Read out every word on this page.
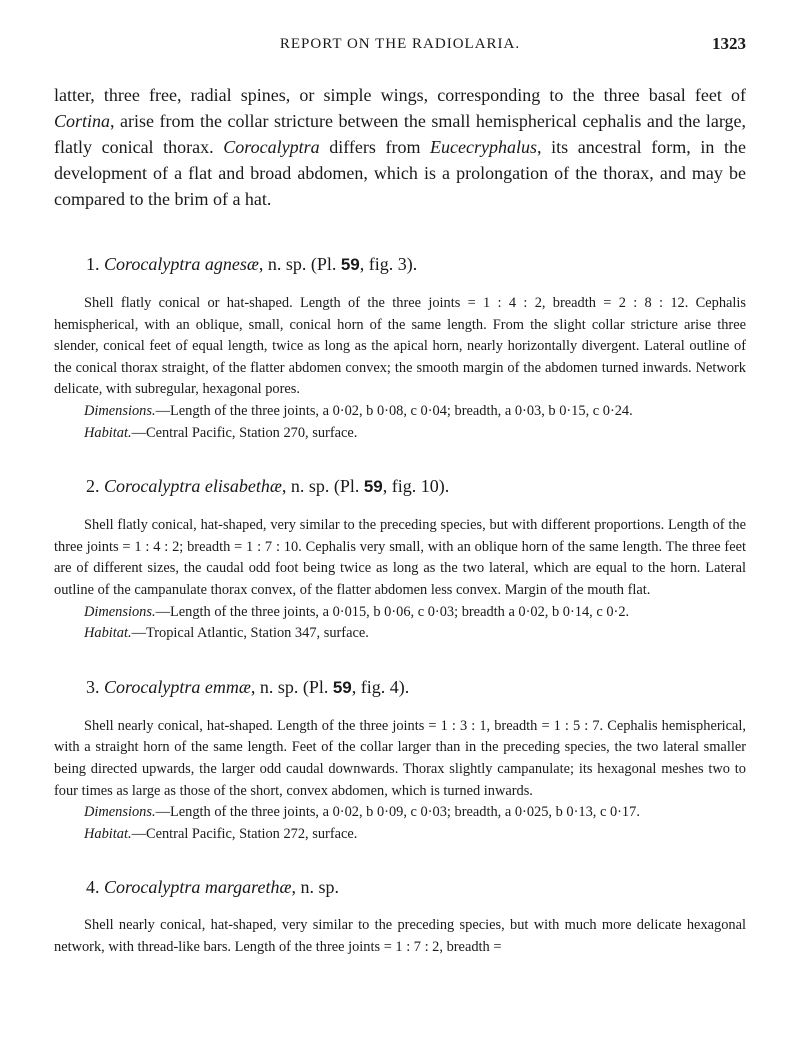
REPORT ON THE RADIOLARIA.	1323
latter, three free, radial spines, or simple wings, corresponding to the three basal feet of Cortina, arise from the collar stricture between the small hemispherical cephalis and the large, flatly conical thorax. Corocalyptra differs from Eucecryphalus, its ancestral form, in the development of a flat and broad abdomen, which is a prolongation of the thorax, and may be compared to the brim of a hat.
1. Corocalyptra agnesæ, n. sp. (Pl. 59, fig. 3).

Shell flatly conical or hat-shaped. Length of the three joints = 1 : 4 : 2, breadth = 2 : 8 : 12. Cephalis hemispherical, with an oblique, small, conical horn of the same length. From the slight collar stricture arise three slender, conical feet of equal length, twice as long as the apical horn, nearly horizontally divergent. Lateral outline of the conical thorax straight, of the flatter abdomen convex; the smooth margin of the abdomen turned inwards. Network delicate, with subregular, hexagonal pores.

Dimensions.—Length of the three joints, a 0·02, b 0·08, c 0·04; breadth, a 0·03, b 0·15, c 0·24.

Habitat.—Central Pacific, Station 270, surface.

2. Corocalyptra elisabethæ, n. sp. (Pl. 59, fig. 10).

Shell flatly conical, hat-shaped, very similar to the preceding species, but with different proportions. Length of the three joints = 1 : 4 : 2; breadth = 1 : 7 : 10. Cephalis very small, with an oblique horn of the same length. The three feet are of different sizes, the caudal odd foot being twice as long as the two lateral, which are equal to the horn. Lateral outline of the campanulate thorax convex, of the flatter abdomen less convex. Margin of the mouth flat.

Dimensions.—Length of the three joints, a 0·015, b 0·06, c 0·03; breadth a 0·02, b 0·14, c 0·2.

Habitat.—Tropical Atlantic, Station 347, surface.

3. Corocalyptra emmæ, n. sp. (Pl. 59, fig. 4).

Shell nearly conical, hat-shaped. Length of the three joints = 1 : 3 : 1, breadth = 1 : 5 : 7. Cephalis hemispherical, with a straight horn of the same length. Feet of the collar larger than in the preceding species, the two lateral smaller being directed upwards, the larger odd caudal downwards. Thorax slightly campanulate; its hexagonal meshes two to four times as large as those of the short, convex abdomen, which is turned inwards.

Dimensions.—Length of the three joints, a 0·02, b 0·09, c 0·03; breadth, a 0·025, b 0·13, c 0·17.

Habitat.—Central Pacific, Station 272, surface.

4. Corocalyptra margarethæ, n. sp.

Shell nearly conical, hat-shaped, very similar to the preceding species, but with much more delicate hexagonal network, with thread-like bars. Length of the three joints = 1 : 7 : 2, breadth =
